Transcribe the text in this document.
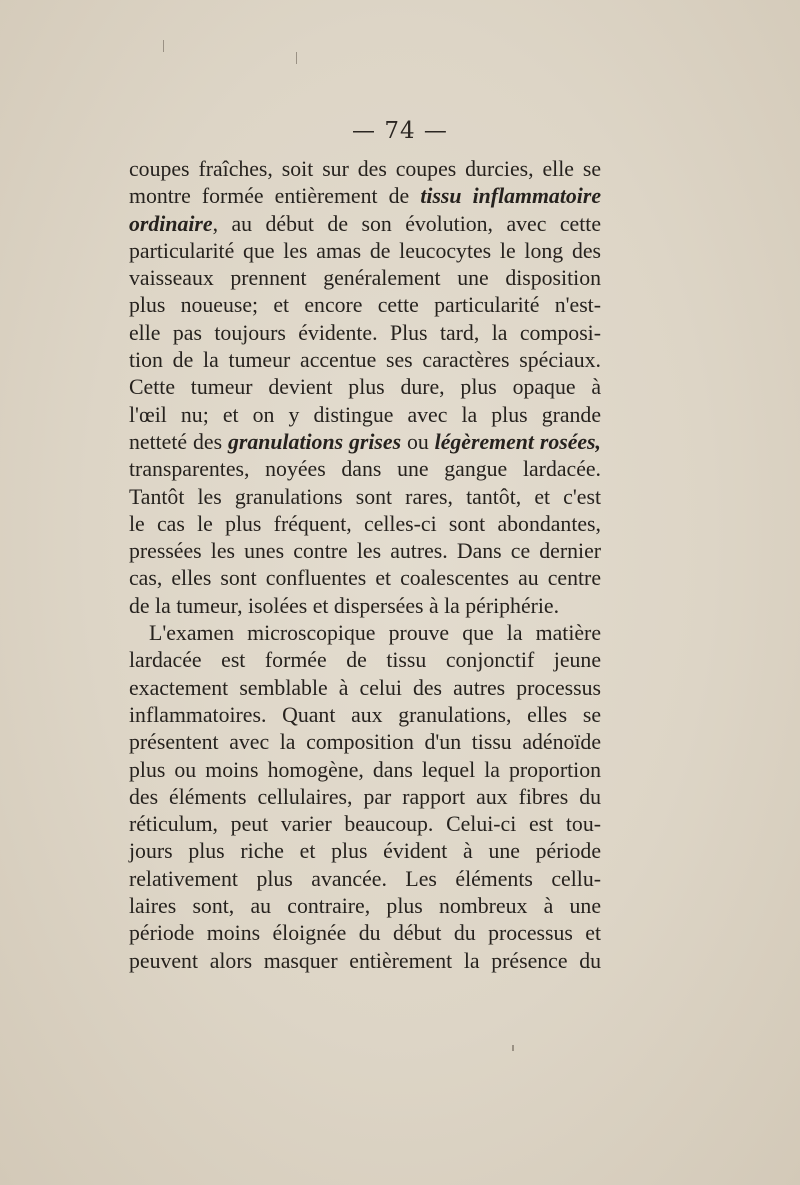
— 74 —
coupes fraîches, soit sur des coupes durcies, elle se
montre formée entièrement de tissu inflammatoire
ordinaire, au début de son évolution, avec cette
particularité que les amas de leucocytes le long des
vaisseaux prennent genéralement une disposition
plus noueuse; et encore cette particularité n'est-
elle pas toujours évidente. Plus tard, la composi-
tion de la tumeur accentue ses caractères spéciaux.
Cette tumeur devient plus dure, plus opaque à
l'œil nu; et on y distingue avec la plus grande
netteté des granulations grises ou légèrement rosées,
transparentes, noyées dans une gangue lardacée.
Tantôt les granulations sont rares, tantôt, et c'est
le cas le plus fréquent, celles-ci sont abondantes,
pressées les unes contre les autres. Dans ce dernier
cas, elles sont confluentes et coalescentes au centre
de la tumeur, isolées et dispersées à la périphérie.
L'examen microscopique prouve que la matière
lardacée est formée de tissu conjonctif jeune
exactement semblable à celui des autres processus
inflammatoires. Quant aux granulations, elles se
présentent avec la composition d'un tissu adénoïde
plus ou moins homogène, dans lequel la proportion
des éléments cellulaires, par rapport aux fibres du
réticulum, peut varier beaucoup. Celui-ci est tou-
jours plus riche et plus évident à une période
relativement plus avancée. Les éléments cellu-
laires sont, au contraire, plus nombreux à une
période moins éloignée du début du processus et
peuvent alors masquer entièrement la présence du
